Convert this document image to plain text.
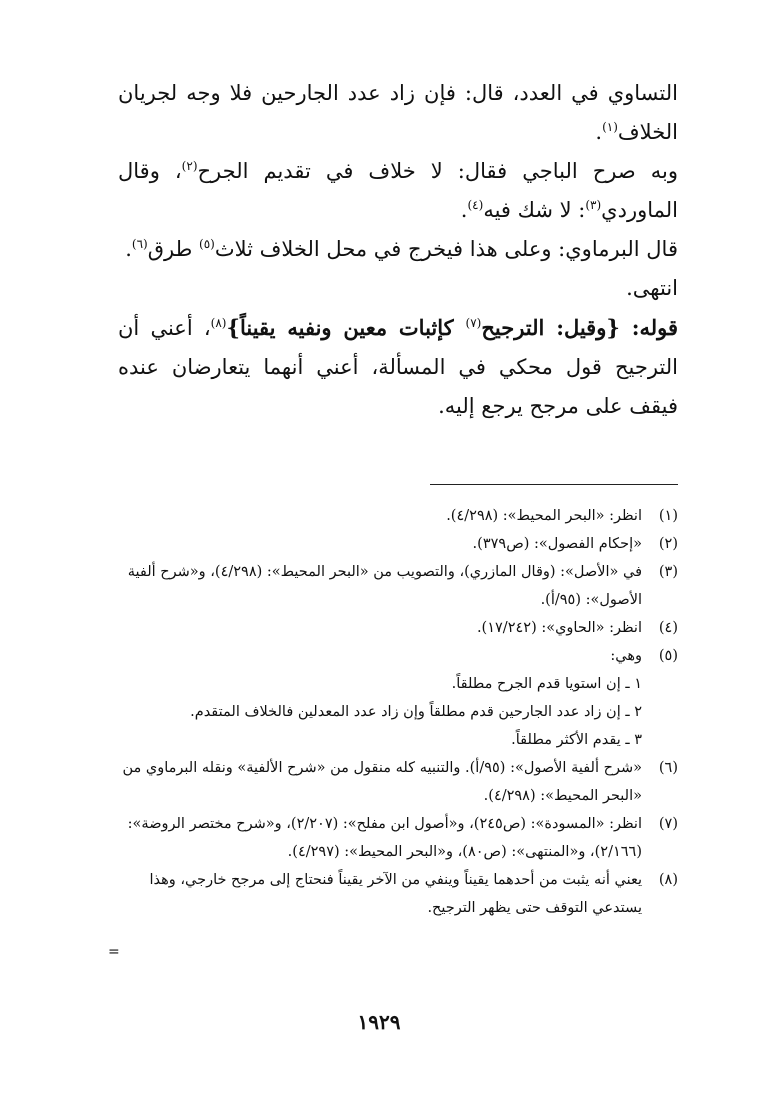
التساوي في العدد، قال: فإن زاد عدد الجارحين فلا وجه لجريان الخلاف$^{(١)}$.

وبه صرح الباجي فقال: لا خلاف في تقديم الجرح$^{(٢)}$، وقال الماوردي$^{(٣)}$: لا شك فيه$^{(٤)}$.

قال البرماوي: وعلى هذا فيخرج في محل الخلاف ثلاث$^{(٥)}$ طرق$^{(٦)}$.

انتهى.

قوله: {وقيل: الترجيح$^{(٧)}$ كإثبات معين ونفيه يقيناً}$^{(٨)}$، أعني أن الترجيح قول محكي في المسألة، أعني أنهما يتعارضان عنده فيقف على مرجح يرجع إليه.

(١)
انظر: «البحر المحيط»: (٤/٢٩٨).
(٢)
«إحكام الفصول»: (ص٣٧٩).
(٣)
في «الأصل»: (وقال المازري)، والتصويب من «البحر المحيط»: (٤/٢٩٨)، و«شرح ألفية الأصول»: (٩٥/أ).
(٤)
انظر: «الحاوي»: (١٧/٢٤٢).
(٥)
وهي:
١ ـ إن استويا قدم الجرح مطلقاً.
٢ ـ إن زاد عدد الجارحين قدم مطلقاً وإن زاد عدد المعدلين فالخلاف المتقدم.
٣ ـ يقدم الأكثر مطلقاً.
(٦)
«شرح ألفية الأصول»: (٩٥/أ). والتنبيه كله منقول من «شرح الألفية» ونقله البرماوي من «البحر المحيط»: (٤/٢٩٨).
(٧)
انظر: «المسودة»: (ص٢٤٥)، و«أصول ابن مفلح»: (٢/٢٠٧)، و«شرح مختصر الروضة»: (٢/١٦٦)، و«المنتهى»: (ص٨٠)، و«البحر المحيط»: (٤/٢٩٧).
(٨)
يعني أنه يثبت من أحدهما يقيناً وينفي من الآخر يقيناً فنحتاج إلى مرجح خارجي، وهذا يستدعي التوقف حتى يظهر الترجيح.
=
١٩٢٩
